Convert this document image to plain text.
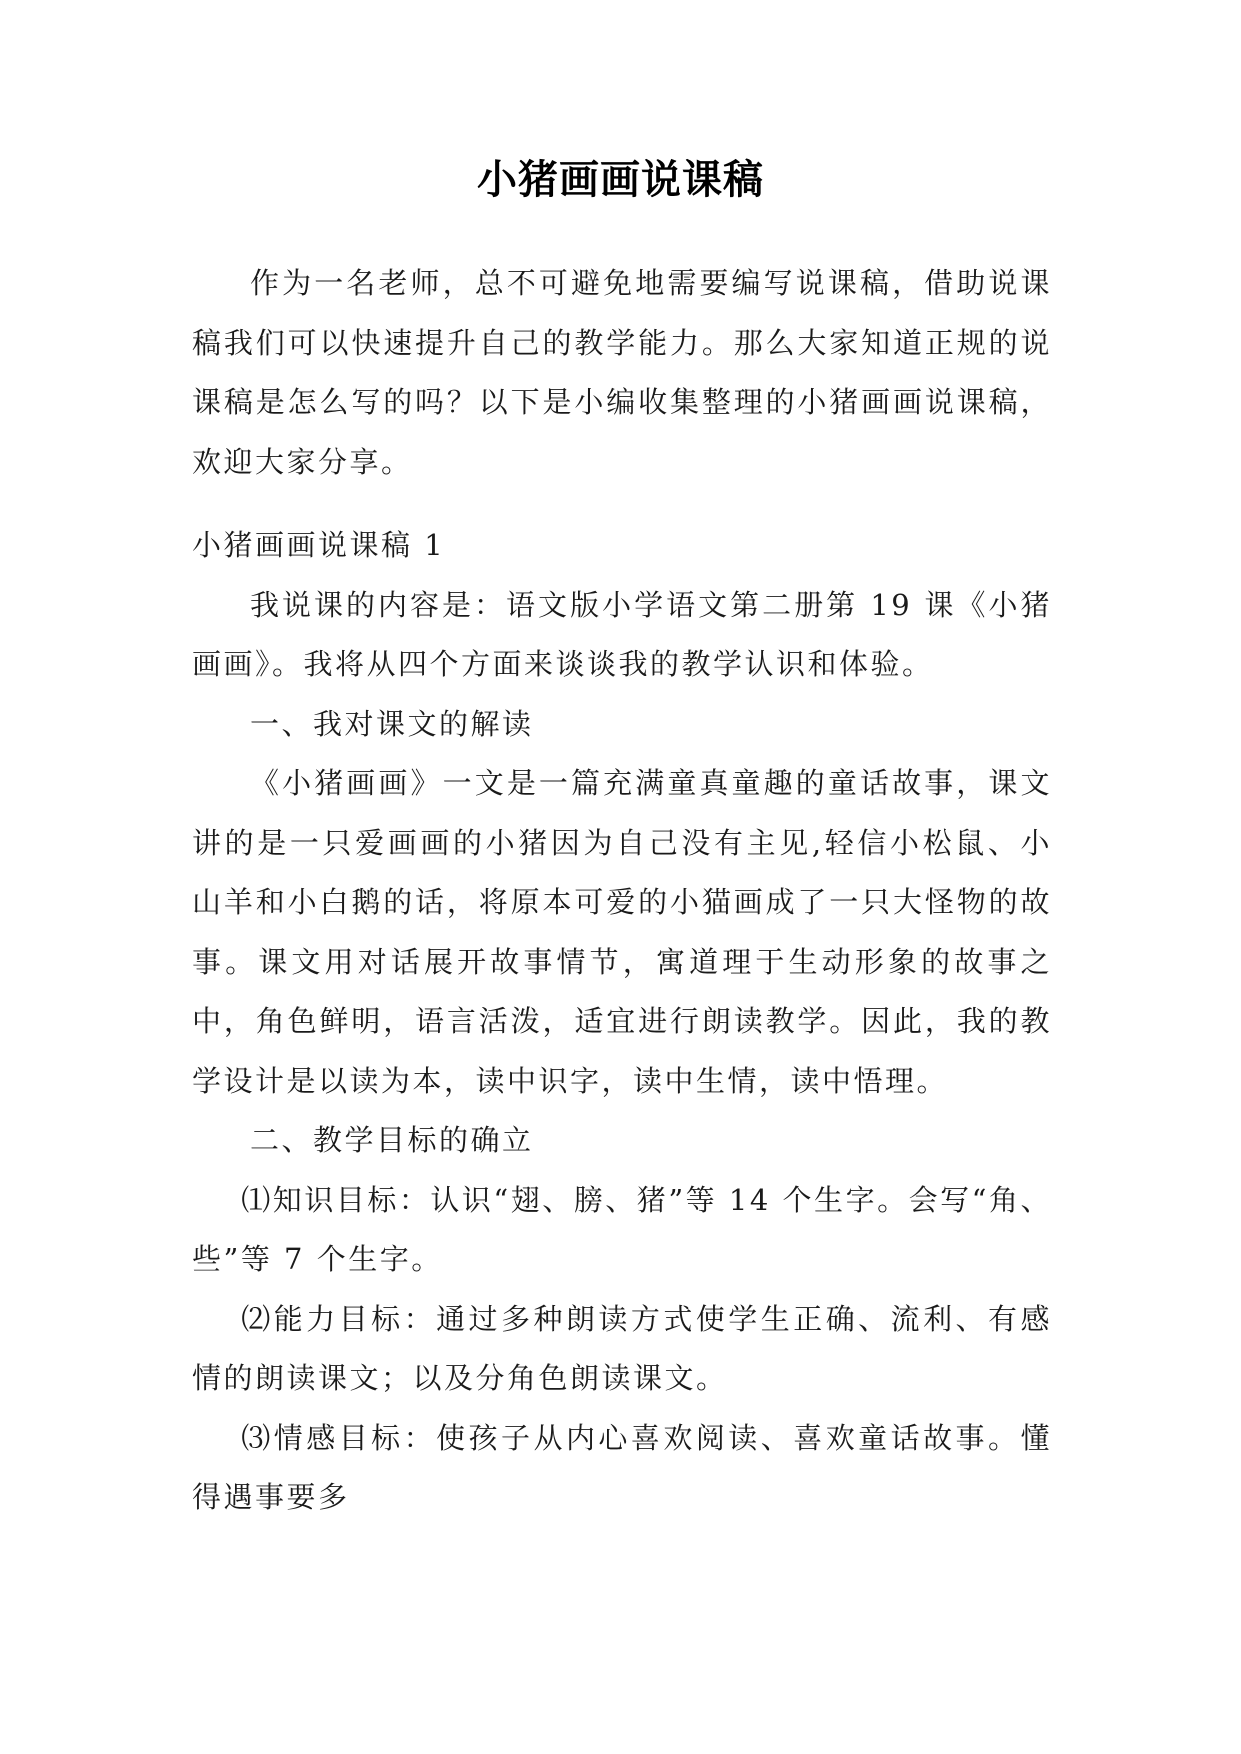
小猪画画说课稿

作为一名老师，总不可避免地需要编写说课稿，借助说课稿我们可以快速提升自己的教学能力。那么大家知道正规的说课稿是怎么写的吗？以下是小编收集整理的小猪画画说课稿，欢迎大家分享。

小猪画画说课稿 1

我说课的内容是：语文版小学语文第二册第 19 课《小猪画画》。我将从四个方面来谈谈我的教学认识和体验。

一、我对课文的解读

《小猪画画》一文是一篇充满童真童趣的童话故事，课文讲的是一只爱画画的小猪因为自己没有主见,轻信小松鼠、小山羊和小白鹅的话，将原本可爱的小猫画成了一只大怪物的故事。课文用对话展开故事情节，寓道理于生动形象的故事之中，角色鲜明，语言活泼，适宜进行朗读教学。因此，我的教学设计是以读为本，读中识字，读中生情，读中悟理。

二、教学目标的确立

⑴知识目标：认识“翅、膀、猪”等 14 个生字。会写“角、些”等 7 个生字。

⑵能力目标：通过多种朗读方式使学生正确、流利、有感情的朗读课文；以及分角色朗读课文。

⑶情感目标：使孩子从内心喜欢阅读、喜欢童话故事。懂得遇事要多
